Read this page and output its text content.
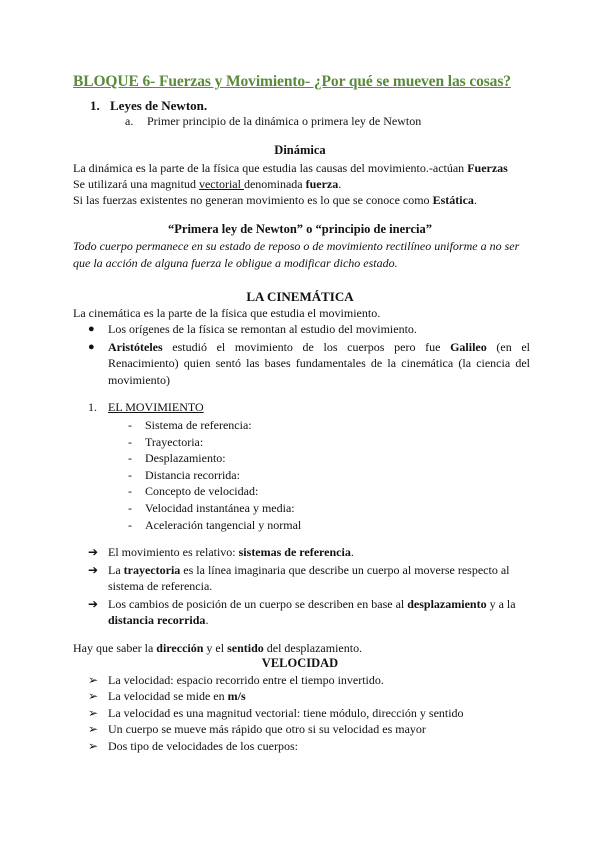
BLOQUE 6- Fuerzas y Movimiento- ¿Por qué se mueven las cosas?
1. Leyes de Newton.
a. Primer principio de la dinámica o primera ley de Newton
Dinámica
La dinámica es la parte de la física que estudia las causas del movimiento.-actúan Fuerzas
Se utilizará una magnitud vectorial denominada fuerza.
Si las fuerzas existentes no generan movimiento es lo que se conoce como Estática.
“Primera ley de Newton” o “principio de inercia”
Todo cuerpo permanece en su estado de reposo o de movimiento rectilíneo uniforme a no ser que la acción de alguna fuerza le obligue a modificar dicho estado.
LA CINEMÁTICA
La cinemática es la parte de la física que estudia el movimiento.
● Los orígenes de la física se remontan al estudio del movimiento.
● Aristóteles estudió el movimiento de los cuerpos pero fue Galileo (en el Renacimiento) quien sentó las bases fundamentales de la cinemática (la ciencia del movimiento)
1. EL MOVIMIENTO
- Sistema de referencia:
- Trayectoria:
- Desplazamiento:
- Distancia recorrida:
- Concepto de velocidad:
- Velocidad instantánea y media:
- Aceleración tangencial y normal
➔ El movimiento es relativo: sistemas de referencia.
➔ La trayectoria es la línea imaginaria que describe un cuerpo al moverse respecto al sistema de referencia.
➔ Los cambios de posición de un cuerpo se describen en base al desplazamiento y a la distancia recorrida.
Hay que saber la dirección y el sentido del desplazamiento.
VELOCIDAD
➢ La velocidad: espacio recorrido entre el tiempo invertido.
➢ La velocidad se mide en m/s
➢ La velocidad es una magnitud vectorial: tiene módulo, dirección y sentido
➢ Un cuerpo se mueve más rápido que otro si su velocidad es mayor
➢ Dos tipo de velocidades de los cuerpos:
